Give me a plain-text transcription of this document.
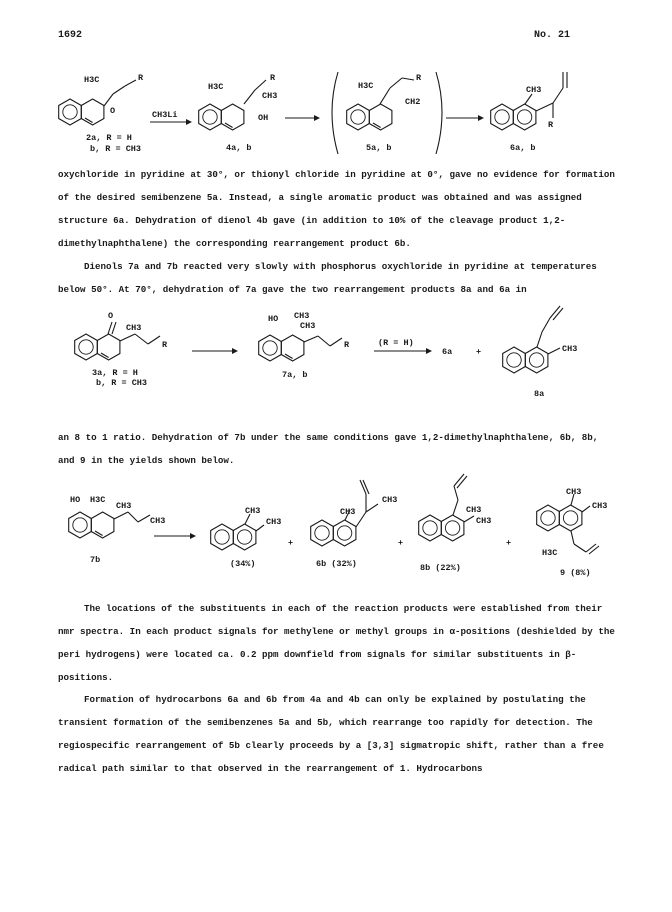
1692	No. 21
H3C	R
O
2a, R = H
b, R = CH3
CH3Li
H3C
CH3
R
OH
4a, b
H3C
R
CH2
5a, b
CH3
R
6a, b
O
CH3
R
3a, R = H
b, R = CH3
HO CH3
CH3
R
7a, b
(R = H)
6a	+	CH3
8a
HO H3C
CH3
CH3
7b
CH3
CH3
(34%)
+
CH3
CH3
6b (32%)
+
CH3
CH3
8b (22%)
+
CH3
CH3
H3C
9 (8%)

oxychloride in pyridine at 30°, or thionyl chloride in pyridine at 0°, gave no evidence for formation of the desired semibenzene 5a. Instead, a single aromatic product was obtained and was assigned structure 6a. Dehydration of dienol 4b gave (in addition to 10% of the cleavage product 1,2-dimethylnaphthalene) the corresponding rearrangement product 6b.

Dienols 7a and 7b reacted very slowly with phosphorus oxychloride in pyridine at temperatures below 50°. At 70°, dehydration of 7a gave the two rearrangement products 8a and 6a in

an 8 to 1 ratio. Dehydration of 7b under the same conditions gave 1,2-dimethylnaphthalene, 6b, 8b, and 9 in the yields shown below.

The locations of the substituents in each of the reaction products were established from their nmr spectra. In each product signals for methylene or methyl groups in α-positions (deshielded by the peri hydrogens) were located ca. 0.2 ppm downfield from signals for similar substituents in β-positions.

Formation of hydrocarbons 6a and 6b from 4a and 4b can only be explained by postulating the transient formation of the semibenzenes 5a and 5b, which rearrange too rapidly for detection. The regiospecific rearrangement of 5b clearly proceeds by a [3,3] sigmatropic shift, rather than a free radical path similar to that observed in the rearrangement of 1. Hydrocarbons
